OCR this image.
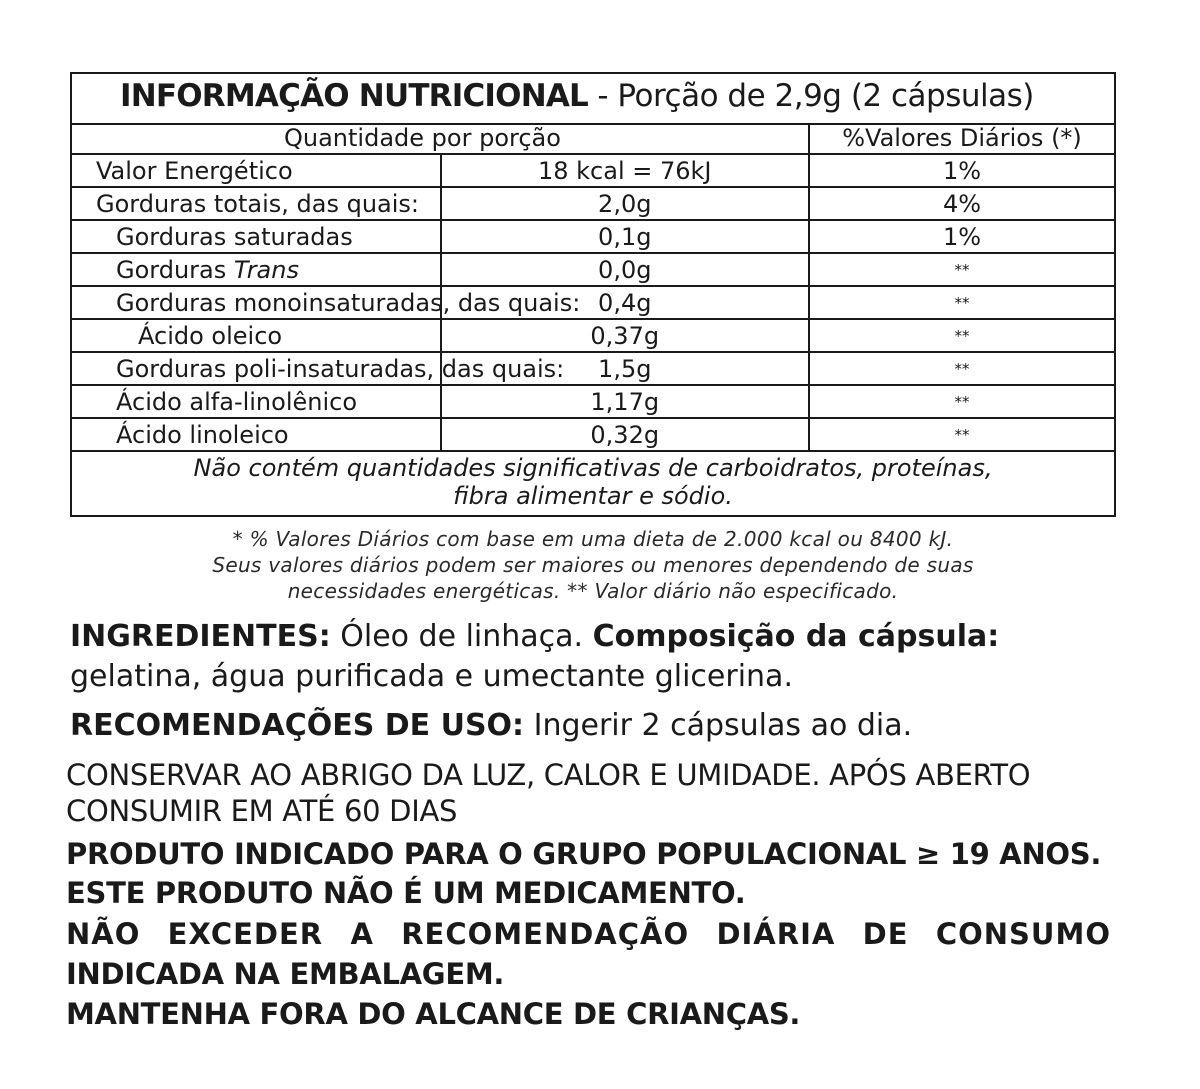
INFORMAÇÃO NUTRICIONAL - Porção de 2,9g (2 cápsulas)
Quantidade por porção		%Valores Diários (*)
Valor Energético	18 kcal = 76kJ	1%
Gorduras totais, das quais:	2,0g	4%
Gorduras saturadas	0,1g	1%
Gorduras Trans	0,0g	**
Gorduras monoinsaturadas, das quais:	0,4g	**
Ácido oleico	0,37g	**
Gorduras poli-insaturadas, das quais:	1,5g	**
Ácido alfa-linolênico	1,17g	**
Ácido linoleico	0,32g	**

Não contém quantidades significativas de carboidratos, proteínas,
fibra alimentar e sódio.		
* % Valores Diários com base em uma dieta de 2.000 kcal ou 8400 kJ.
Seus valores diários podem ser maiores ou menores dependendo de suas
necessidades energéticas. ** Valor diário não especificado.
INGREDIENTES: Óleo de linhaça. Composição da cápsula:
gelatina, água purificada e umectante glicerina.
RECOMENDAÇÕES DE USO: Ingerir 2 cápsulas ao dia.
CONSERVAR AO ABRIGO DA LUZ, CALOR E UMIDADE. APÓS ABERTO
CONSUMIR EM ATÉ 60 DIAS
PRODUTO INDICADO PARA O GRUPO POPULACIONAL ≥ 19 ANOS.
ESTE PRODUTO NÃO É UM MEDICAMENTO.
NÃO EXCEDER A RECOMENDAÇÃO DIÁRIA DE CONSUMO
INDICADA NA EMBALAGEM.
MANTENHA FORA DO ALCANCE DE CRIANÇAS.
